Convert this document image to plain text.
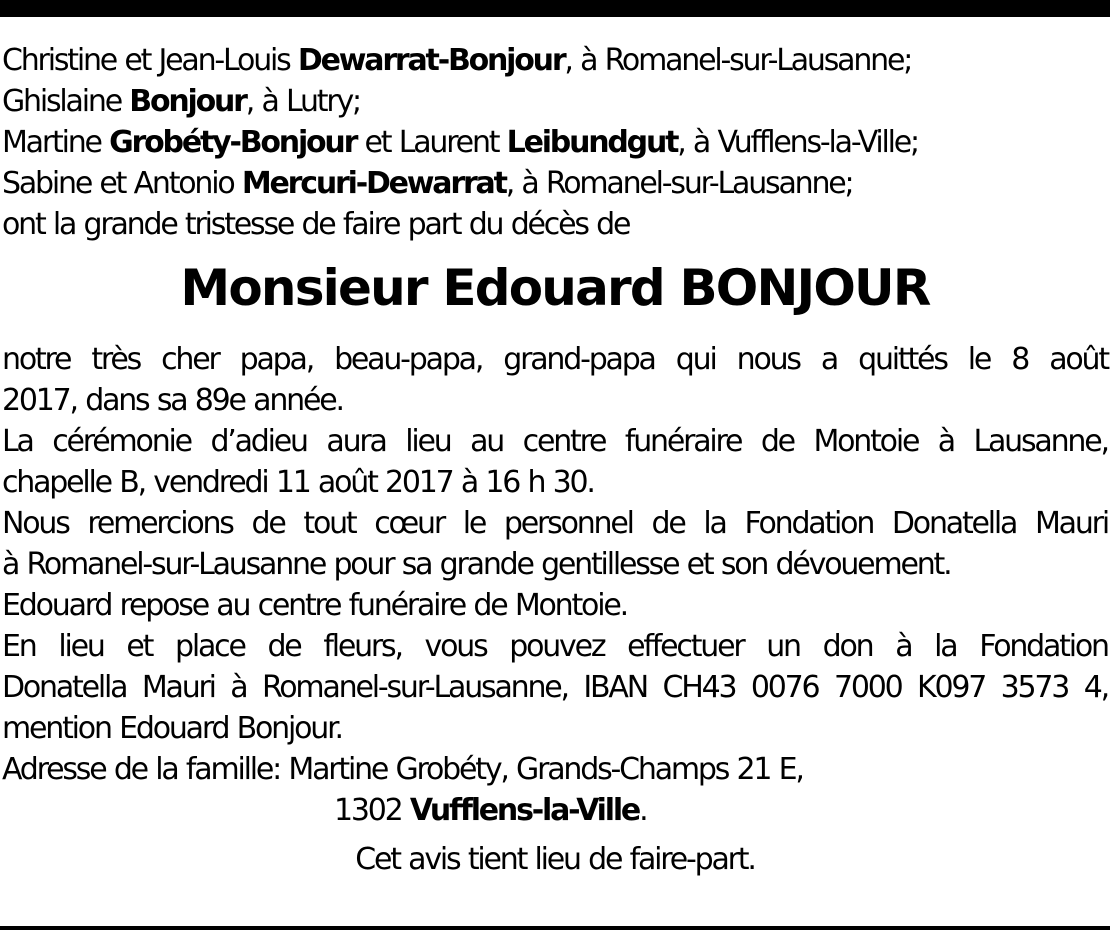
Christine et Jean-Louis Dewarrat-Bonjour, à Romanel-sur-Lausanne;
Ghislaine Bonjour, à Lutry;
Martine Grobéty-Bonjour et Laurent Leibundgut, à Vufflens-la-Ville;
Sabine et Antonio Mercuri-Dewarrat, à Romanel-sur-Lausanne;
ont la grande tristesse de faire part du décès de
Monsieur Edouard BONJOUR
notre très cher papa, beau-papa, grand-papa qui nous a quittés le 8 août
2017, dans sa 89e année.
La cérémonie d’adieu aura lieu au centre funéraire de Montoie à Lausanne,
chapelle B, vendredi 11 août 2017 à 16 h 30.
Nous remercions de tout cœur le personnel de la Fondation Donatella Mauri
à Romanel-sur-Lausanne pour sa grande gentillesse et son dévouement.
Edouard repose au centre funéraire de Montoie.
En lieu et place de fleurs, vous pouvez effectuer un don à la Fondation
Donatella Mauri à Romanel-sur-Lausanne, IBAN CH43 0076 7000 K097 3573 4,
mention Edouard Bonjour.
Adresse de la famille: Martine Grobéty, Grands-Champs 21 E,
1302 Vufflens-la-Ville.
Cet avis tient lieu de faire-part.
